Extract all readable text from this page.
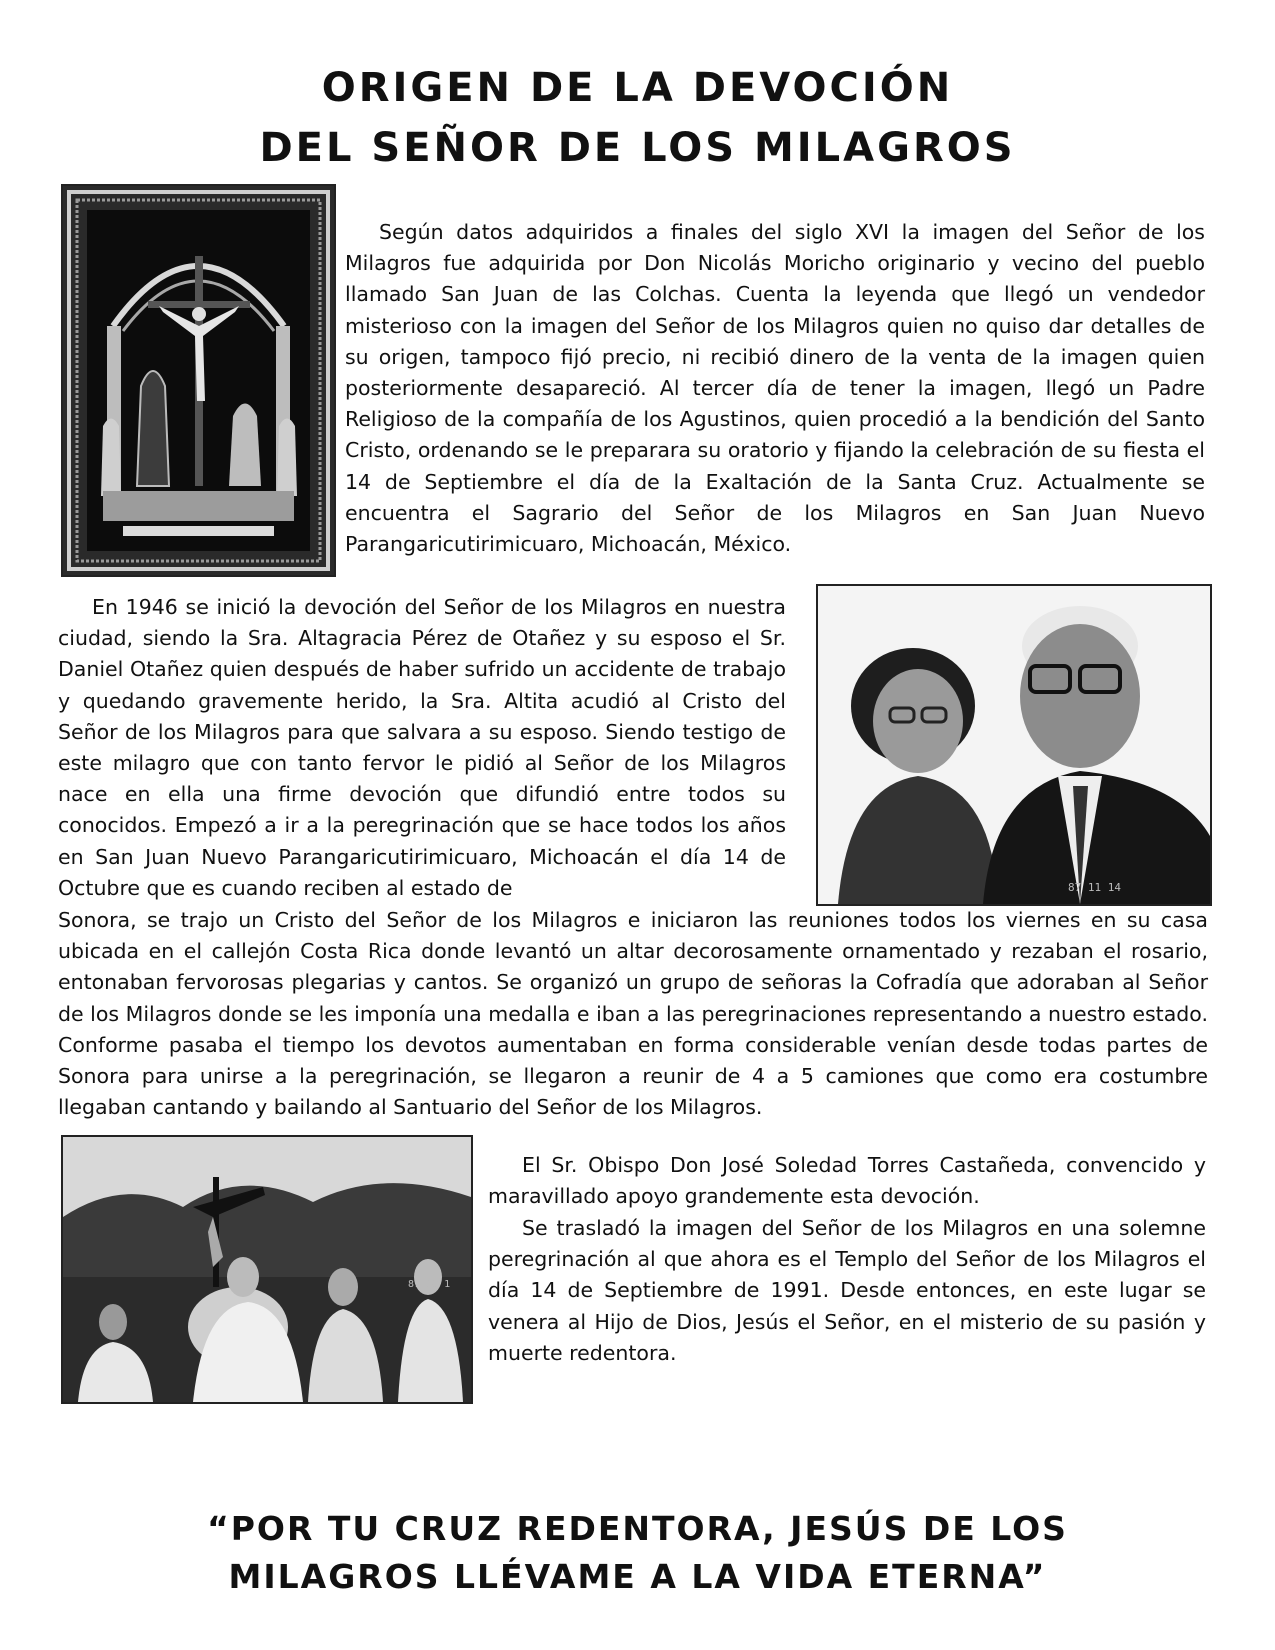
ORIGEN DE LA DEVOCIÓN
DEL SEÑOR DE LOS MILAGROS

Según datos adquiridos a finales del siglo XVI la imagen del Señor de los Milagros fue adquirida por Don Nicolás Moricho originario y vecino del pueblo llamado San Juan de las Colchas. Cuenta la leyenda que llegó un vendedor misterioso con la imagen del Señor de los Milagros quien no quiso dar detalles de su origen, tampoco fijó precio, ni recibió dinero de la venta de la imagen quien posteriormente desapareció. Al tercer día de tener la imagen, llegó un Padre Religioso de la compañía de los Agustinos, quien procedió a la bendición del Santo Cristo, ordenando se le preparara su oratorio y fijando la celebración de su fiesta el 14 de Septiembre el día de la Exaltación de la Santa Cruz. Actualmente se encuentra el Sagrario del Señor de los Milagros en San Juan Nuevo Parangaricutirimicuaro, Michoacán, México.

87 11 14

En 1946 se inició la devoción del Señor de los Milagros en nuestra ciudad, siendo la Sra. Altagracia Pérez de Otañez y su esposo el Sr. Daniel Otañez quien después de haber sufrido un accidente de trabajo y quedando gravemente herido, la Sra. Altita acudió al Cristo del Señor de los Milagros para que salvara a su esposo. Siendo testigo de este milagro que con tanto fervor le pidió al Señor de los Milagros nace en ella una firme devoción que difundió entre todos su conocidos. Empezó a ir a la peregrinación que se hace todos los años en San Juan Nuevo Parangaricutirimicuaro, Michoacán el día 14 de Octubre que es cuando reciben al estado de

Sonora, se trajo un Cristo del Señor de los Milagros e iniciaron las reuniones todos los viernes en su casa ubicada en el callejón Costa Rica donde levantó un altar decorosamente ornamentado y rezaban el rosario, entonaban fervorosas plegarias y cantos. Se organizó un grupo de señoras la Cofradía que adoraban al Señor de los Milagros donde se les imponía una medalla e iban a las peregrinaciones representando a nuestro estado. Conforme pasaba el tiempo los devotos aumentaban en forma considerable venían desde todas partes de Sonora para unirse a la peregrinación, se llegaron a reunir de 4 a 5 camiones que como era costumbre llegaban cantando y bailando al Santuario del Señor de los Milagros.

87 10 1

El Sr. Obispo Don José Soledad Torres Castañeda, convencido y maravillado apoyo grandemente esta devoción.

Se trasladó la imagen del Señor de los Milagros en una solemne peregrinación al que ahora es el Templo del Señor de los Milagros el día 14 de Septiembre de 1991. Desde entonces, en este lugar se venera al Hijo de Dios, Jesús el Señor, en el misterio de su pasión y muerte redentora.

“POR TU CRUZ REDENTORA, JESÚS DE LOS
MILAGROS LLÉVAME A LA VIDA ETERNA”
